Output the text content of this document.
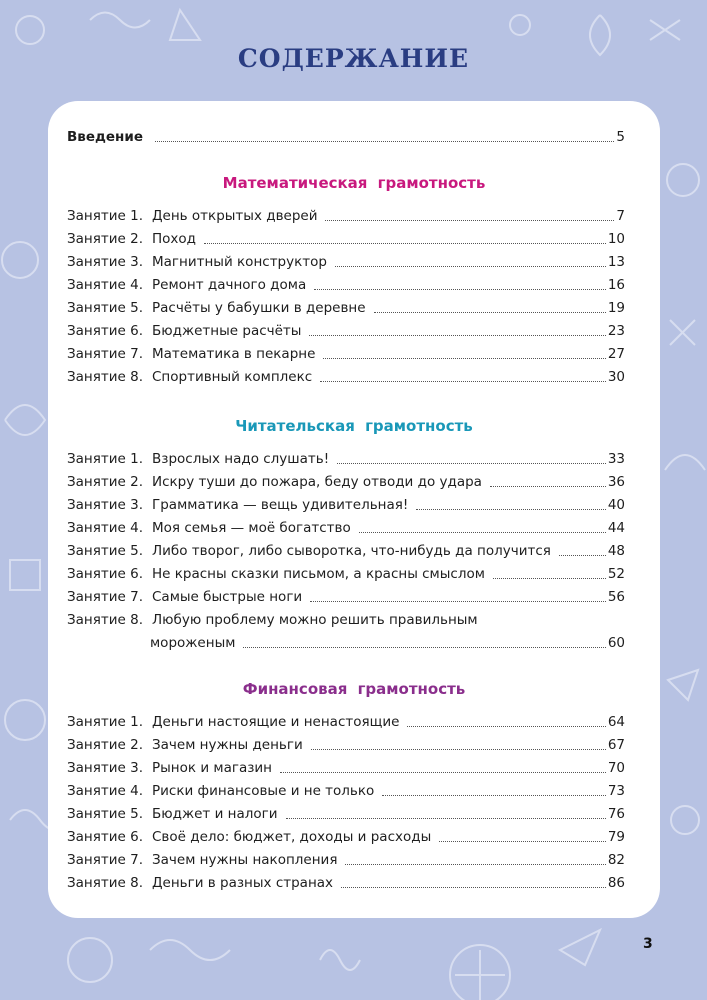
СОДЕРЖАНИЕ
Введение	5
Математическая грамотность
Занятие 1. День открытых дверей	7
Занятие 2. Поход	10
Занятие 3. Магнитный конструктор	13
Занятие 4. Ремонт дачного дома	16
Занятие 5. Расчёты у бабушки в деревне	19
Занятие 6. Бюджетные расчёты	23
Занятие 7. Математика в пекарне	27
Занятие 8. Спортивный комплекс	30
Читательская грамотность
Занятие 1. Взрослых надо слушать!	33
Занятие 2. Искру туши до пожара, беду отводи до удара	36
Занятие 3. Грамматика — вещь удивительная!	40
Занятие 4. Моя семья — моё богатство	44
Занятие 5. Либо творог, либо сыворотка, что-нибудь да получится	48
Занятие 6. Не красны сказки письмом, а красны смыслом	52
Занятие 7. Самые быстрые ноги	56
Занятие 8. Любую проблему можно решить правильным
мороженым	60
Финансовая грамотность
Занятие 1. Деньги настоящие и ненастоящие	64
Занятие 2. Зачем нужны деньги	67
Занятие 3. Рынок и магазин	70
Занятие 4. Риски финансовые и не только	73
Занятие 5. Бюджет и налоги	76
Занятие 6. Своё дело: бюджет, доходы и расходы	79
Занятие 7. Зачем нужны накопления	82
Занятие 8. Деньги в разных странах	86
3
